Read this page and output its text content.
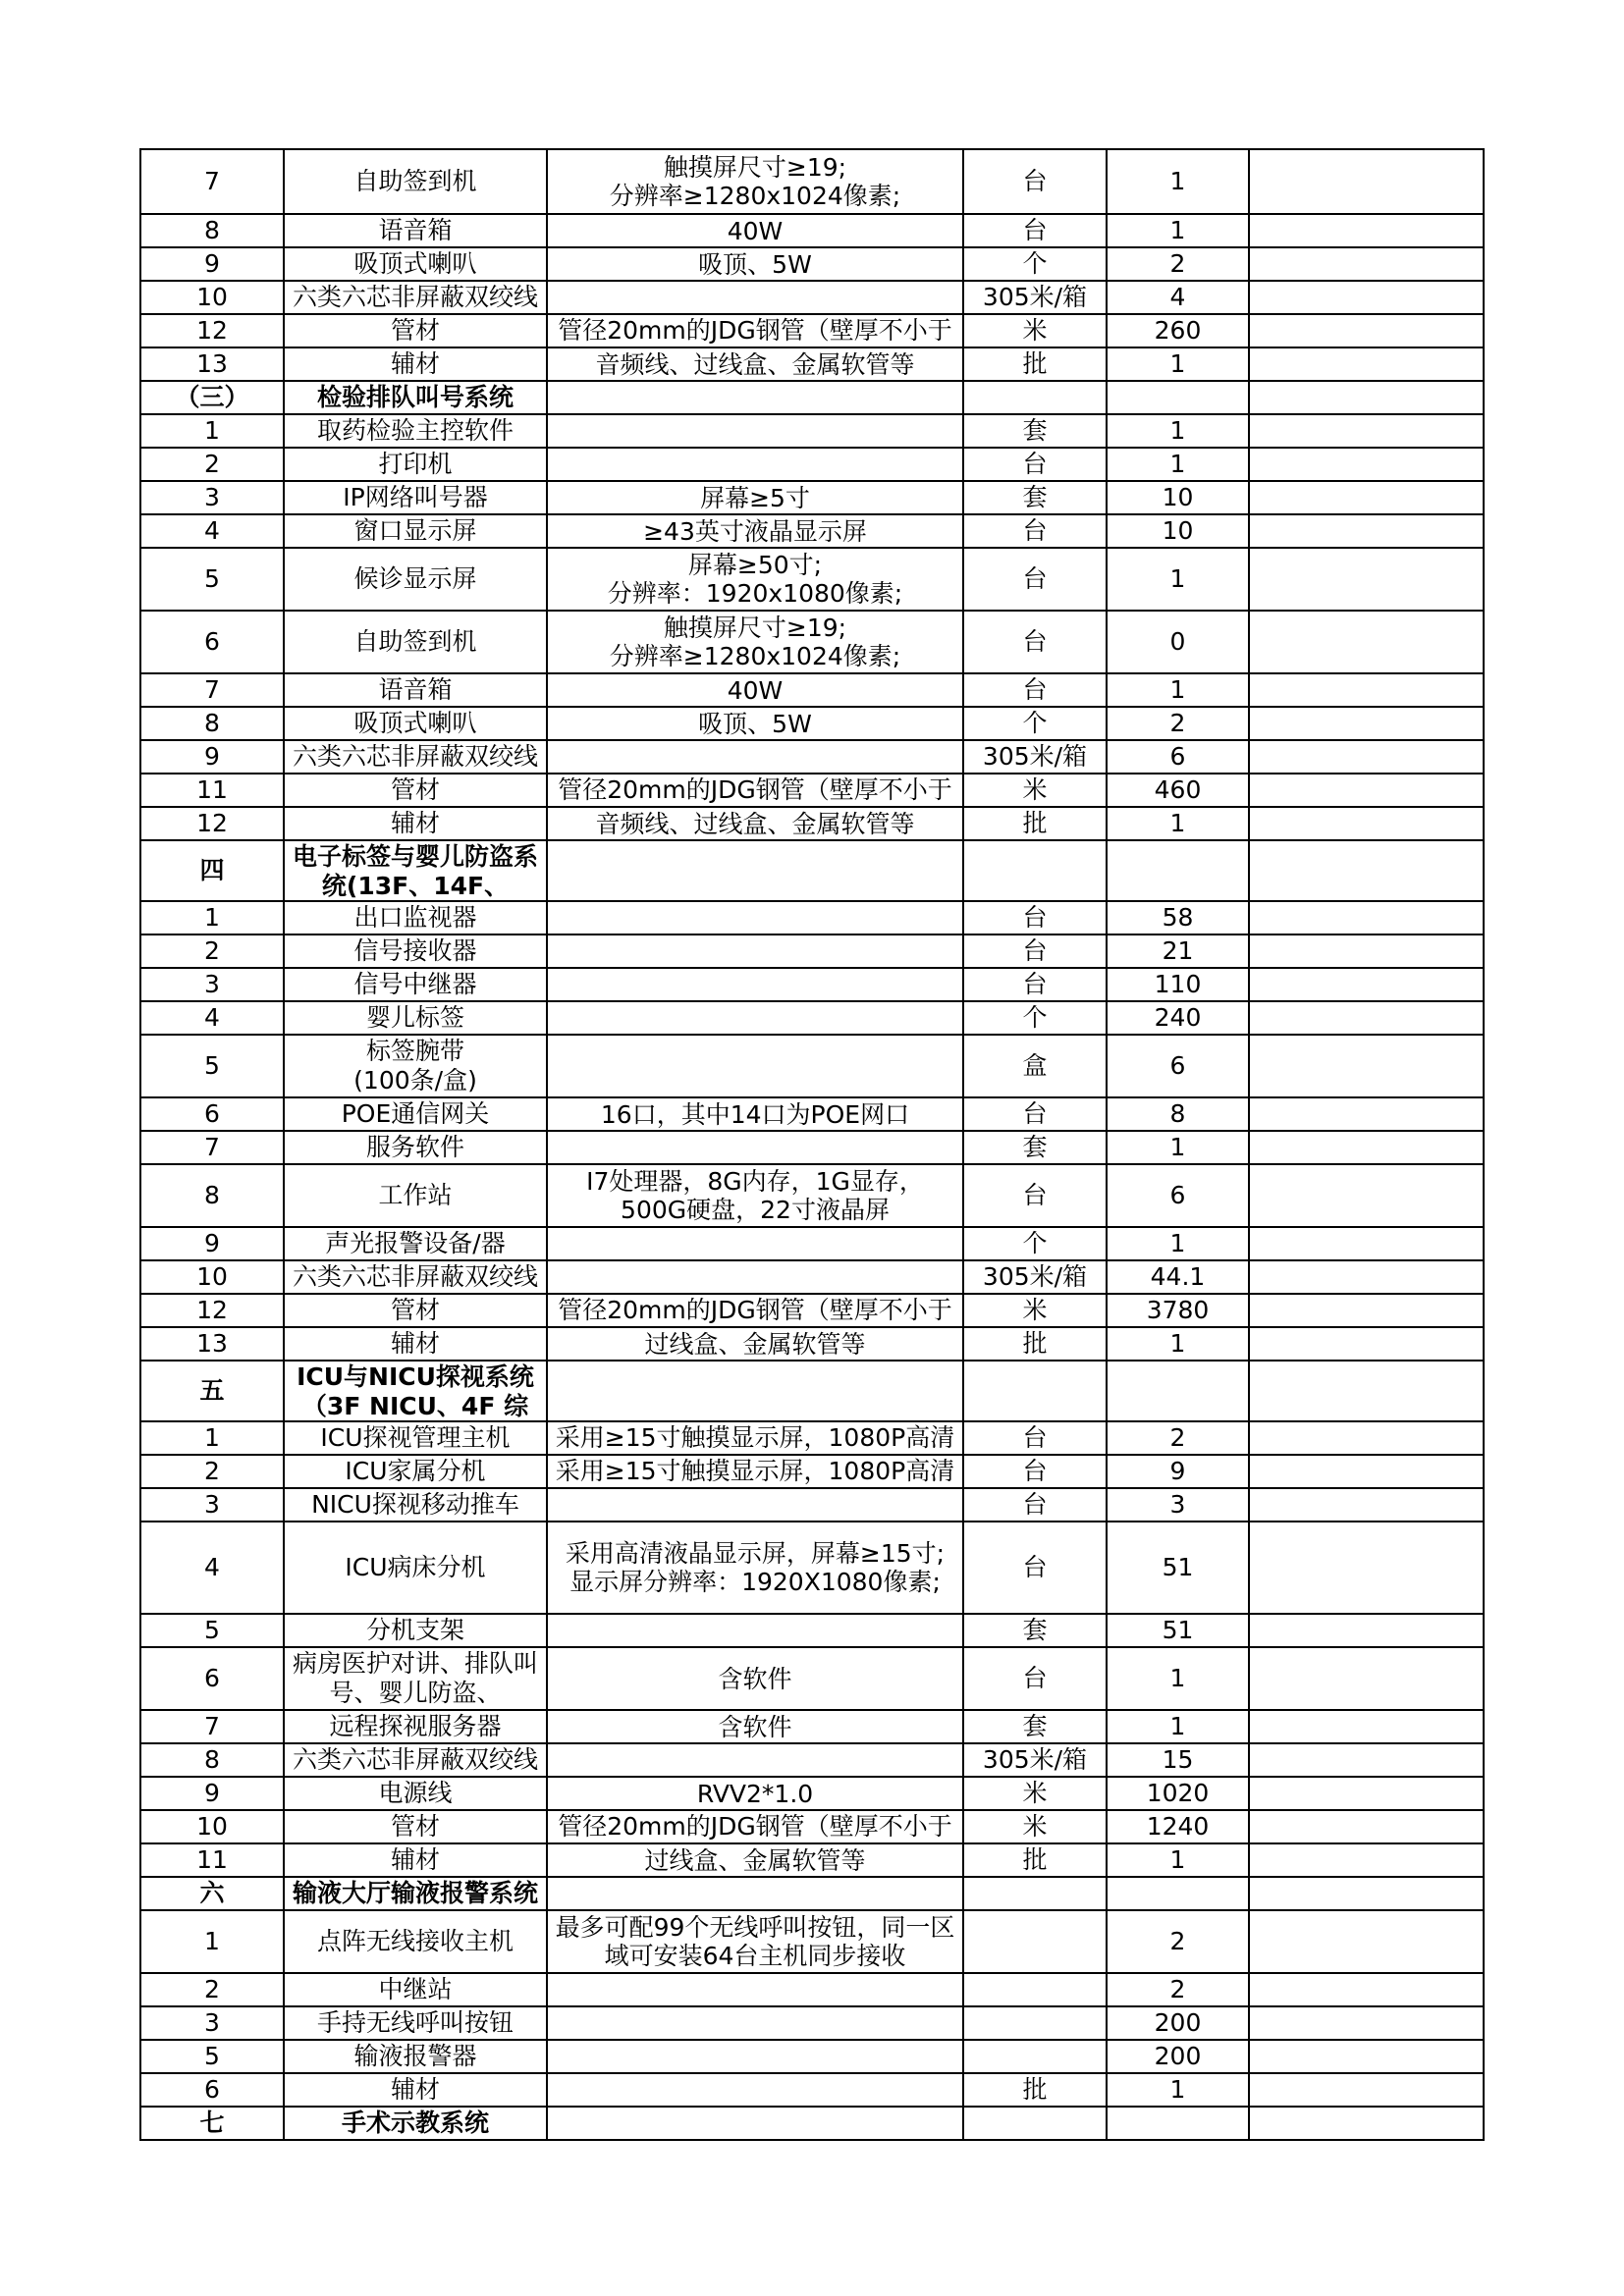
7	自助签到机	触摸屏尺寸≥19;
分辨率≥1280x1024像素;	台	1	

8	语音箱	40W	台	1	

9	吸顶式喇叭	吸顶、5W	个	2	

10	六类六芯非屏蔽双绞线		305米/箱	4	

12	管材	管径20mm的JDG钢管（壁厚不小于	米	260	

13	辅材	音频线、过线盒、金属软管等	批	1	

（三）	检验排队叫号系统				

1	取药检验主控软件		套	1	

2	打印机		台	1	

3	IP网络叫号器	屏幕≥5寸	套	10	

4	窗口显示屏	≥43英寸液晶显示屏	台	10	

5	候诊显示屏	屏幕≥50寸;
分辨率：1920x1080像素;	台	1	

6	自助签到机	触摸屏尺寸≥19;
分辨率≥1280x1024像素;	台	0	

7	语音箱	40W	台	1	

8	吸顶式喇叭	吸顶、5W	个	2	

9	六类六芯非屏蔽双绞线		305米/箱	6	

11	管材	管径20mm的JDG钢管（壁厚不小于	米	460	

12	辅材	音频线、过线盒、金属软管等	批	1	

四	电子标签与婴儿防盗系统(13F、14F、				

1	出口监视器		台	58	

2	信号接收器		台	21	

3	信号中继器		台	110	

4	婴儿标签		个	240	

5	标签腕带
(100条/盒)		盒	6	

6	POE通信网关	16口，其中14口为POE网口	台	8	

7	服务软件		套	1	

8	工作站	I7处理器，8G内存，1G显存，
500G硬盘，22寸液晶屏	台	6	

9	声光报警设备/器		个	1	

10	六类六芯非屏蔽双绞线		305米/箱	44.1	

12	管材	管径20mm的JDG钢管（壁厚不小于	米	3780	

13	辅材	过线盒、金属软管等	批	1	

五	ICU与NICU探视系统（3F NICU、4F 综				

1	ICU探视管理主机	采用≥15寸触摸显示屏，1080P高清	台	2	

2	ICU家属分机	采用≥15寸触摸显示屏，1080P高清	台	9	

3	NICU探视移动推车		台	3	

4	ICU病床分机	采用高清液晶显示屏，屏幕≥15寸;
显示屏分辨率：1920X1080像素;	台	51	

5	分机支架		套	51	

6	病房医护对讲、排队叫号、婴儿防盗、	含软件	台	1	

7	远程探视服务器	含软件	套	1	

8	六类六芯非屏蔽双绞线		305米/箱	15	

9	电源线	RVV2*1.0	米	1020	

10	管材	管径20mm的JDG钢管（壁厚不小于	米	1240	

11	辅材	过线盒、金属软管等	批	1	

六	输液大厅输液报警系统				

1	点阵无线接收主机	最多可配99个无线呼叫按钮，同一区域可安装64台主机同步接收		2	

2	中继站			2	

3	手持无线呼叫按钮			200	

5	输液报警器			200	

6	辅材		批	1	

七	手术示教系统				
